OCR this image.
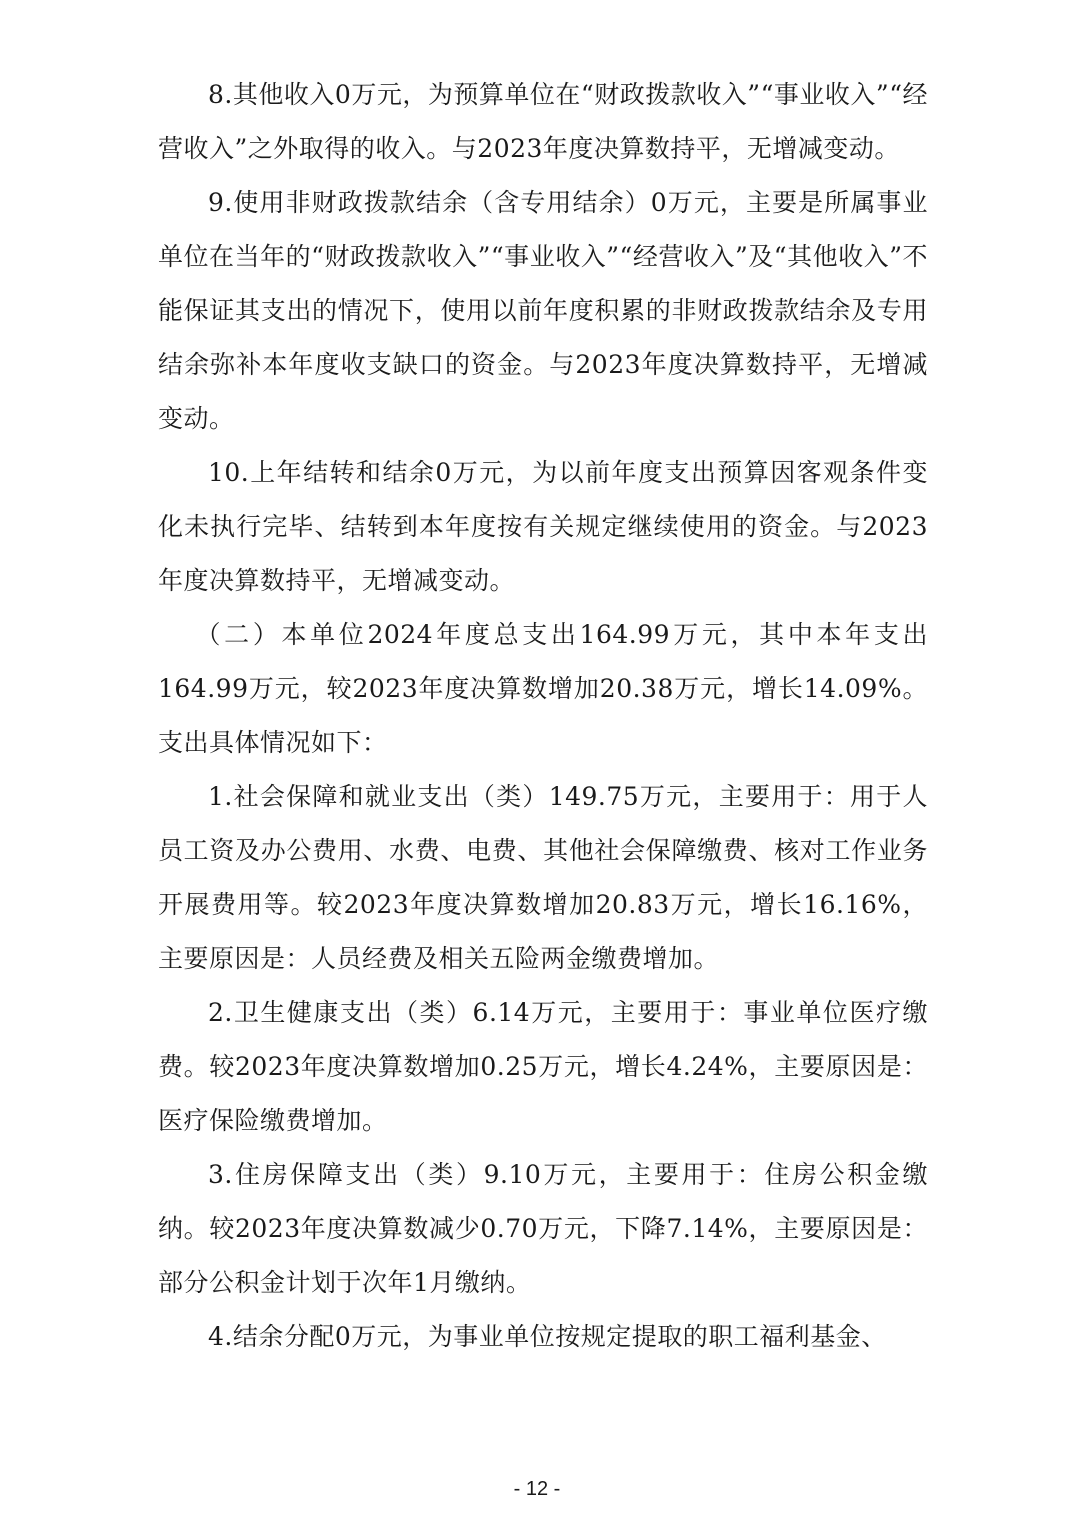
8.其他收入0万元，为预算单位在“财政拨款收入”“事业收入”“经营收入”之外取得的收入。与2023年度决算数持平，无增减变动。

9.使用非财政拨款结余（含专用结余）0万元，主要是所属事业单位在当年的“财政拨款收入”“事业收入”“经营收入”及“其他收入”不能保证其支出的情况下，使用以前年度积累的非财政拨款结余及专用结余弥补本年度收支缺口的资金。与2023年度决算数持平，无增减变动。

10.上年结转和结余0万元，为以前年度支出预算因客观条件变化未执行完毕、结转到本年度按有关规定继续使用的资金。与2023年度决算数持平，无增减变动。

（二）本单位2024年度总支出164.99万元，其中本年支出164.99万元，较2023年度决算数增加20.38万元，增长14.09%。支出具体情况如下：

1.社会保障和就业支出（类）149.75万元，主要用于：用于人员工资及办公费用、水费、电费、其他社会保障缴费、核对工作业务开展费用等。较2023年度决算数增加20.83万元，增长16.16%，主要原因是：人员经费及相关五险两金缴费增加。

2.卫生健康支出（类）6.14万元，主要用于：事业单位医疗缴费。较2023年度决算数增加0.25万元，增长4.24%，主要原因是：医疗保险缴费增加。

3.住房保障支出（类）9.10万元，主要用于：住房公积金缴纳。较2023年度决算数减少0.70万元，下降7.14%，主要原因是：部分公积金计划于次年1月缴纳。

4.结余分配0万元，为事业单位按规定提取的职工福利基金、

- 12 -
